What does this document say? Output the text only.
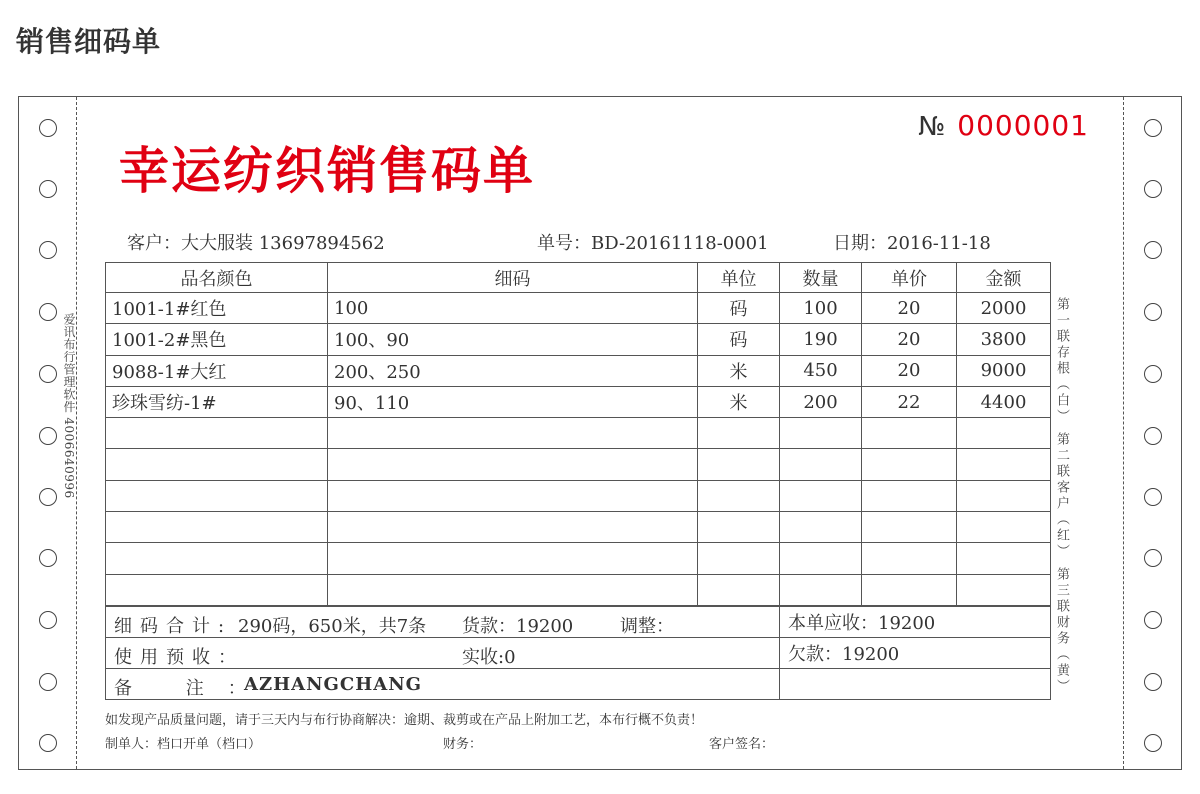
销售细码单
爱讯布行管理软件 4006640996	第一联存根（白） 第二联客户（红） 第三联财务（黄）
幸运纺织销售码单
№ 0000001
客户：大大服装 13697894562	单号：BD-20161118-0001	日期：2016-11-18
品名颜色	细码	单位	数量	单价	金额
1001-1#红色	100	码	100	20	2000
1001-2#黑色	100、90	码	190	20	3800
9088-1#大红	200、250	米	450	20	9000
珍珠雪纺-1#	90、110	米	200	22	4400

细码合计: 290码，650米，共7条 货款：19200 调整：	本单应收：19200

使用预收： 实收:0	欠款：19200

备 注：
AZHANGCHANG	

如发现产品质量问题，请于三天内与布行协商解决：逾期、裁剪或在产品上附加工艺，本布行概不负责！
制单人：档口开单（档口）	财务：	客户签名：
